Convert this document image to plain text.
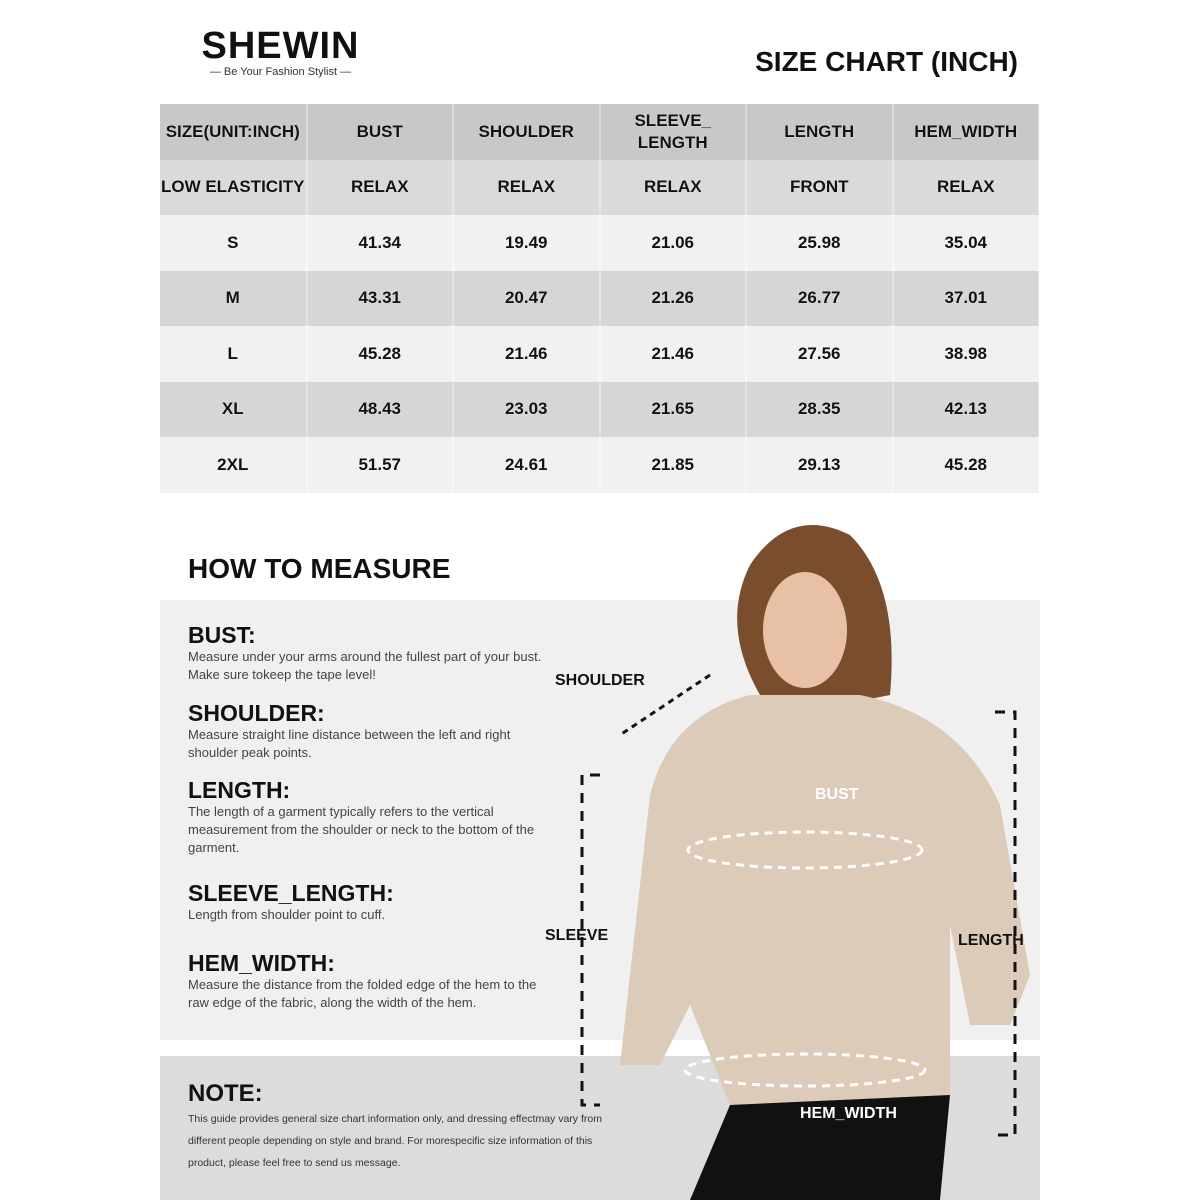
SHEWIN
— Be Your Fashion Stylist —	SIZE CHART (INCH)
SIZE(UNIT:INCH)	BUST	SHOULDER	SLEEVE_ LENGTH	LENGTH	HEM_WIDTH
LOW ELASTICITY	RELAX	RELAX	RELAX	FRONT	RELAX
S	41.34	19.49	21.06	25.98	35.04
M	43.31	20.47	21.26	26.77	37.01
L	45.28	21.46	21.46	27.56	38.98
XL	48.43	23.03	21.65	28.35	42.13
2XL	51.57	24.61	21.85	29.13	45.28
HOW TO MEASURE
BUST:

Measure under your arms around the fullest part of your bust. Make sure tokeep the tape level!

SHOULDER:

Measure straight line distance between the left and right shoulder peak points.

LENGTH:

The length of a garment typically refers to the vertical measurement from the shoulder or neck to the bottom of the garment.

SLEEVE_LENGTH:

Length from shoulder point to cuff.

HEM_WIDTH:

Measure the distance from the folded edge of the hem to the raw edge of the fabric, along the width of the hem.

NOTE:

This guide provides general size chart information only, and dressing effectmay vary from different people depending on style and brand. For morespecific size information of this product, please feel free to send us message.

SHOULDER
BUST
SLEEVE	LENGTH
HEM_WIDTH
